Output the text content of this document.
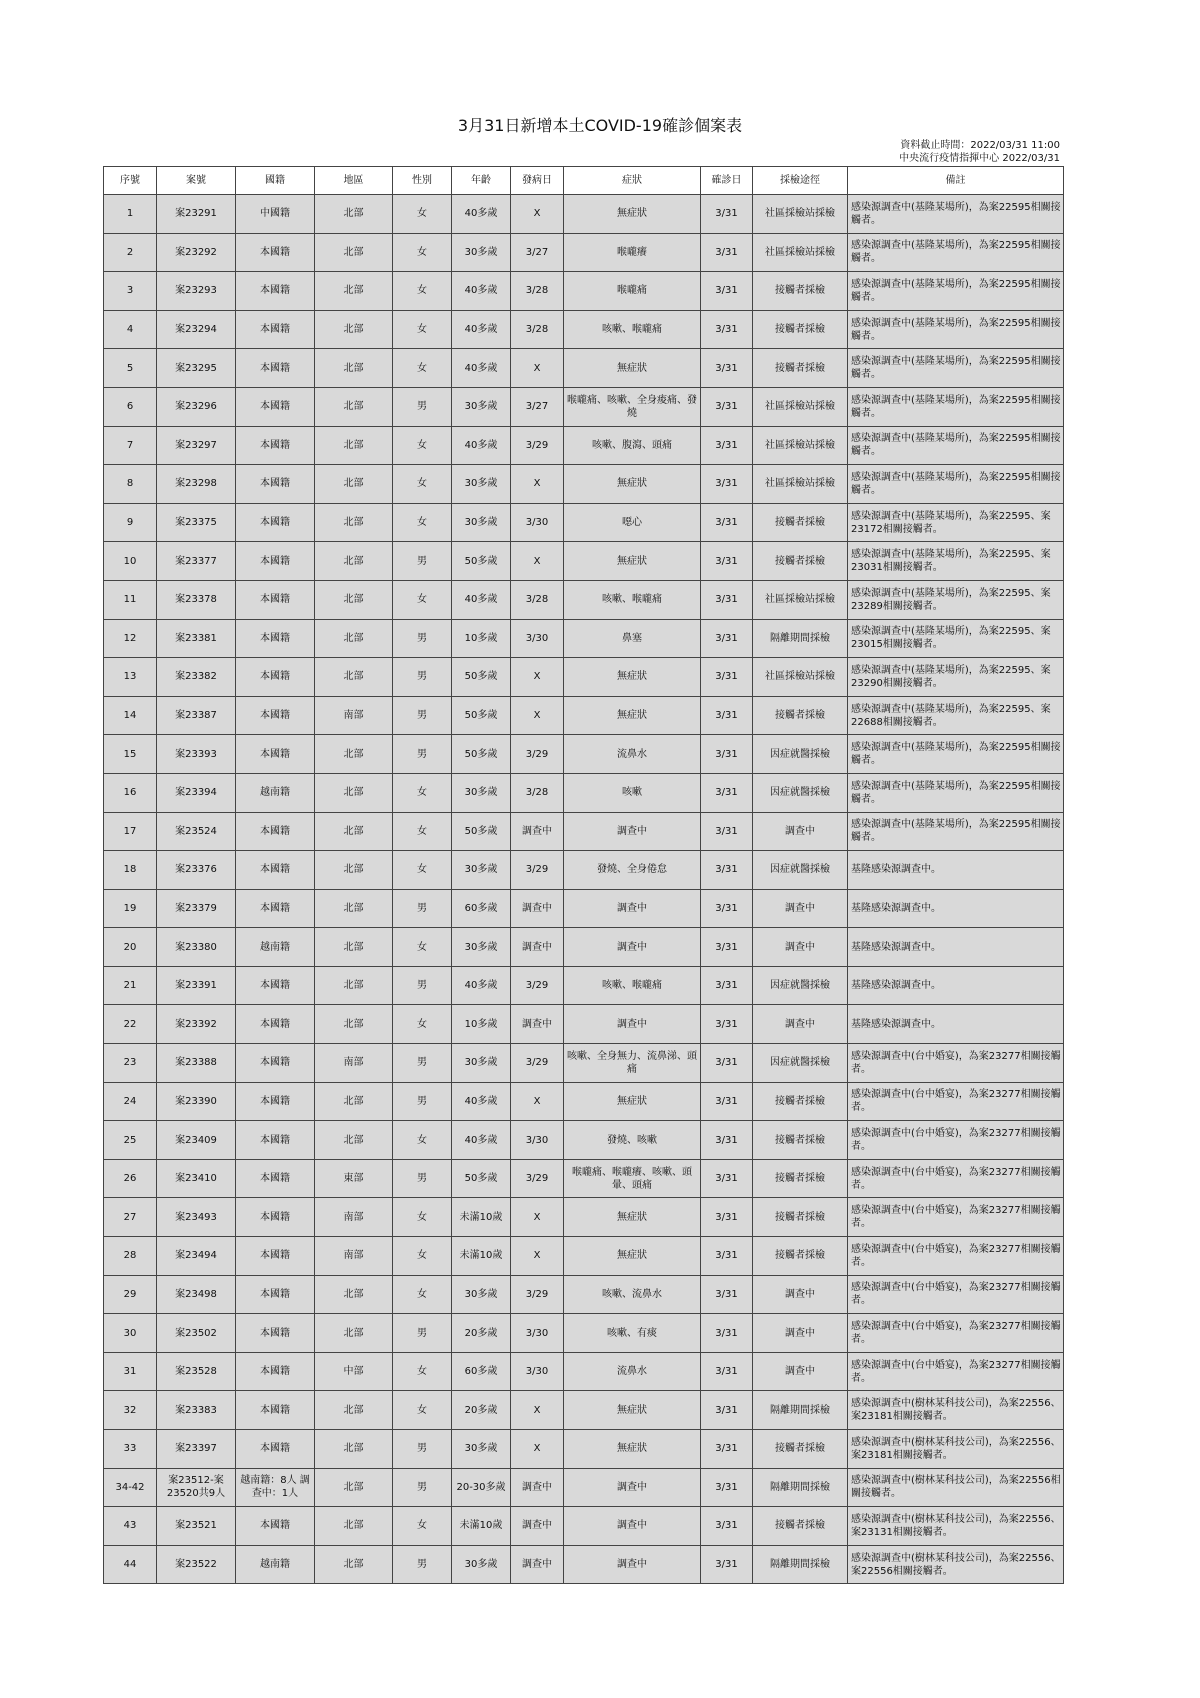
3月31日新增本土COVID-19確診個案表
資料截止時間：2022/03/31 11:00
中央流行疫情指揮中心 2022/03/31
序號	案號	國籍	地區	性別	年齡	發病日	症狀	確診日	採檢途徑	備註
1	案23291	中國籍	北部	女	40多歲	X	無症狀	3/31	社區採檢站採檢	感染源調查中(基隆某場所)，為案22595相關接觸者。
2	案23292	本國籍	北部	女	30多歲	3/27	喉嚨癢	3/31	社區採檢站採檢	感染源調查中(基隆某場所)，為案22595相關接觸者。
3	案23293	本國籍	北部	女	40多歲	3/28	喉嚨痛	3/31	接觸者採檢	感染源調查中(基隆某場所)，為案22595相關接觸者。
4	案23294	本國籍	北部	女	40多歲	3/28	咳嗽、喉嚨痛	3/31	接觸者採檢	感染源調查中(基隆某場所)，為案22595相關接觸者。
5	案23295	本國籍	北部	女	40多歲	X	無症狀	3/31	接觸者採檢	感染源調查中(基隆某場所)，為案22595相關接觸者。
6	案23296	本國籍	北部	男	30多歲	3/27	喉嚨痛、咳嗽、全身痠痛、發燒	3/31	社區採檢站採檢	感染源調查中(基隆某場所)，為案22595相關接觸者。
7	案23297	本國籍	北部	女	40多歲	3/29	咳嗽、腹瀉、頭痛	3/31	社區採檢站採檢	感染源調查中(基隆某場所)，為案22595相關接觸者。
8	案23298	本國籍	北部	女	30多歲	X	無症狀	3/31	社區採檢站採檢	感染源調查中(基隆某場所)，為案22595相關接觸者。
9	案23375	本國籍	北部	女	30多歲	3/30	噁心	3/31	接觸者採檢	感染源調查中(基隆某場所)，為案22595、案23172相關接觸者。
10	案23377	本國籍	北部	男	50多歲	X	無症狀	3/31	接觸者採檢	感染源調查中(基隆某場所)，為案22595、案23031相關接觸者。
11	案23378	本國籍	北部	女	40多歲	3/28	咳嗽、喉嚨痛	3/31	社區採檢站採檢	感染源調查中(基隆某場所)，為案22595、案23289相關接觸者。
12	案23381	本國籍	北部	男	10多歲	3/30	鼻塞	3/31	隔離期間採檢	感染源調查中(基隆某場所)，為案22595、案23015相關接觸者。
13	案23382	本國籍	北部	男	50多歲	X	無症狀	3/31	社區採檢站採檢	感染源調查中(基隆某場所)，為案22595、案23290相關接觸者。
14	案23387	本國籍	南部	男	50多歲	X	無症狀	3/31	接觸者採檢	感染源調查中(基隆某場所)，為案22595、案22688相關接觸者。
15	案23393	本國籍	北部	男	50多歲	3/29	流鼻水	3/31	因症就醫採檢	感染源調查中(基隆某場所)，為案22595相關接觸者。
16	案23394	越南籍	北部	女	30多歲	3/28	咳嗽	3/31	因症就醫採檢	感染源調查中(基隆某場所)，為案22595相關接觸者。
17	案23524	本國籍	北部	女	50多歲	調查中	調查中	3/31	調查中	感染源調查中(基隆某場所)，為案22595相關接觸者。
18	案23376	本國籍	北部	女	30多歲	3/29	發燒、全身倦怠	3/31	因症就醫採檢	基隆感染源調查中。
19	案23379	本國籍	北部	男	60多歲	調查中	調查中	3/31	調查中	基隆感染源調查中。
20	案23380	越南籍	北部	女	30多歲	調查中	調查中	3/31	調查中	基隆感染源調查中。
21	案23391	本國籍	北部	男	40多歲	3/29	咳嗽、喉嚨痛	3/31	因症就醫採檢	基隆感染源調查中。
22	案23392	本國籍	北部	女	10多歲	調查中	調查中	3/31	調查中	基隆感染源調查中。
23	案23388	本國籍	南部	男	30多歲	3/29	咳嗽、全身無力、流鼻涕、頭痛	3/31	因症就醫採檢	感染源調查中(台中婚宴)，為案23277相關接觸者。
24	案23390	本國籍	北部	男	40多歲	X	無症狀	3/31	接觸者採檢	感染源調查中(台中婚宴)，為案23277相關接觸者。
25	案23409	本國籍	北部	女	40多歲	3/30	發燒、咳嗽	3/31	接觸者採檢	感染源調查中(台中婚宴)，為案23277相關接觸者。
26	案23410	本國籍	東部	男	50多歲	3/29	喉嚨痛、喉嚨癢、咳嗽、頭暈、頭痛	3/31	接觸者採檢	感染源調查中(台中婚宴)，為案23277相關接觸者。
27	案23493	本國籍	南部	女	未滿10歲	X	無症狀	3/31	接觸者採檢	感染源調查中(台中婚宴)，為案23277相關接觸者。
28	案23494	本國籍	南部	女	未滿10歲	X	無症狀	3/31	接觸者採檢	感染源調查中(台中婚宴)，為案23277相關接觸者。
29	案23498	本國籍	北部	女	30多歲	3/29	咳嗽、流鼻水	3/31	調查中	感染源調查中(台中婚宴)，為案23277相關接觸者。
30	案23502	本國籍	北部	男	20多歲	3/30	咳嗽、有痰	3/31	調查中	感染源調查中(台中婚宴)，為案23277相關接觸者。
31	案23528	本國籍	中部	女	60多歲	3/30	流鼻水	3/31	調查中	感染源調查中(台中婚宴)，為案23277相關接觸者。
32	案23383	本國籍	北部	女	20多歲	X	無症狀	3/31	隔離期間採檢	感染源調查中(樹林某科技公司)，為案22556、案23181相關接觸者。
33	案23397	本國籍	北部	男	30多歲	X	無症狀	3/31	接觸者採檢	感染源調查中(樹林某科技公司)，為案22556、案23181相關接觸者。
34-42	案23512-案23520共9人	越南籍：8人 調查中：1人	北部	男	20-30多歲	調查中	調查中	3/31	隔離期間採檢	感染源調查中(樹林某科技公司)，為案22556相關接觸者。
43	案23521	本國籍	北部	女	未滿10歲	調查中	調查中	3/31	接觸者採檢	感染源調查中(樹林某科技公司)，為案22556、案23131相關接觸者。
44	案23522	越南籍	北部	男	30多歲	調查中	調查中	3/31	隔離期間採檢	感染源調查中(樹林某科技公司)，為案22556、案22556相關接觸者。
